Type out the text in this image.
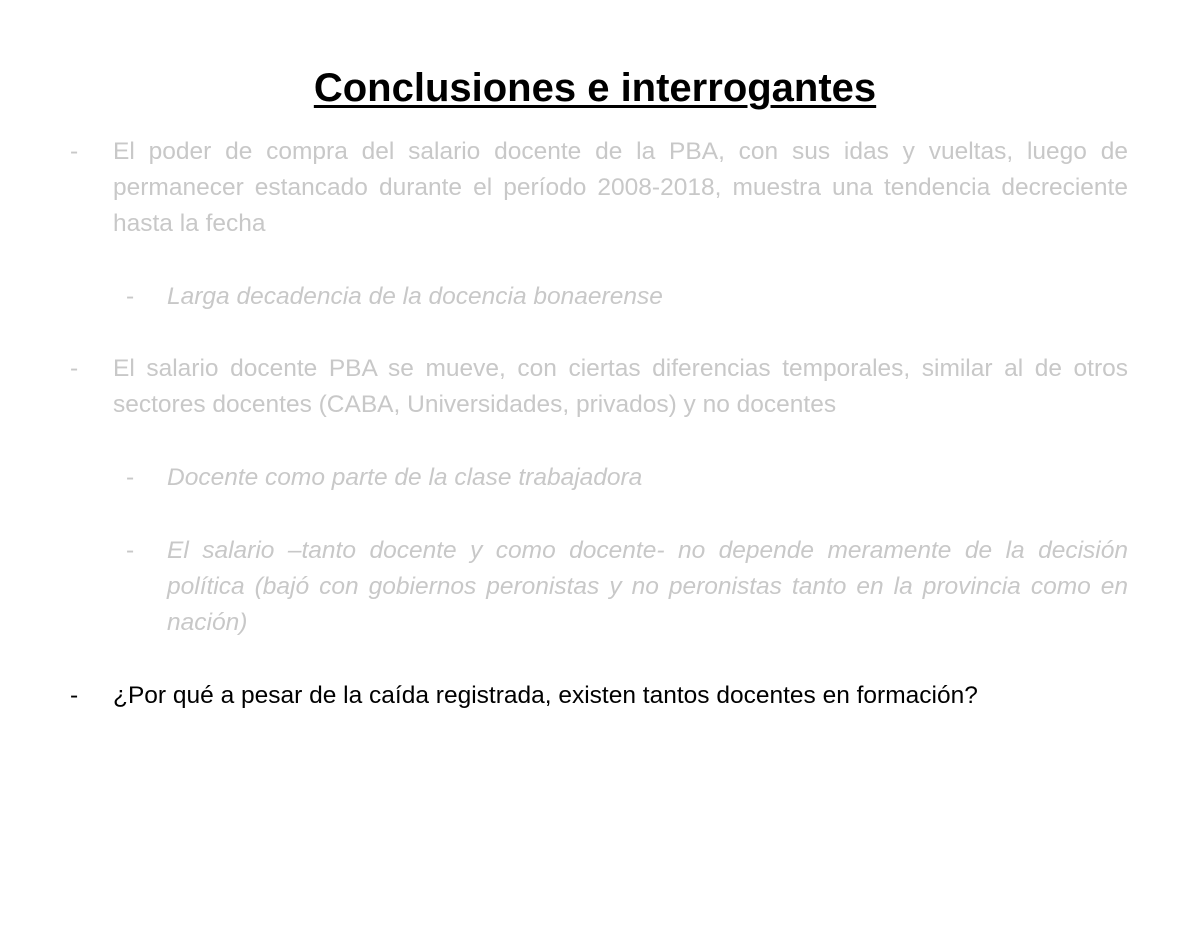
Conclusiones e interrogantes
- El poder de compra del salario docente de la PBA, con sus idas y vueltas, luego de permanecer estancado durante el período 2008-2018, muestra una tendencia decreciente hasta la fecha
- Larga decadencia de la docencia bonaerense
- El salario docente PBA se mueve, con ciertas diferencias temporales, similar al de otros sectores docentes (CABA, Universidades, privados) y no docentes
- Docente como parte de la clase trabajadora
- El salario –tanto docente y como docente- no depende meramente de la decisión política (bajó con gobiernos peronistas y no peronistas tanto en la provincia como en nación)
- ¿Por qué a pesar de la caída registrada, existen tantos docentes en formación?
